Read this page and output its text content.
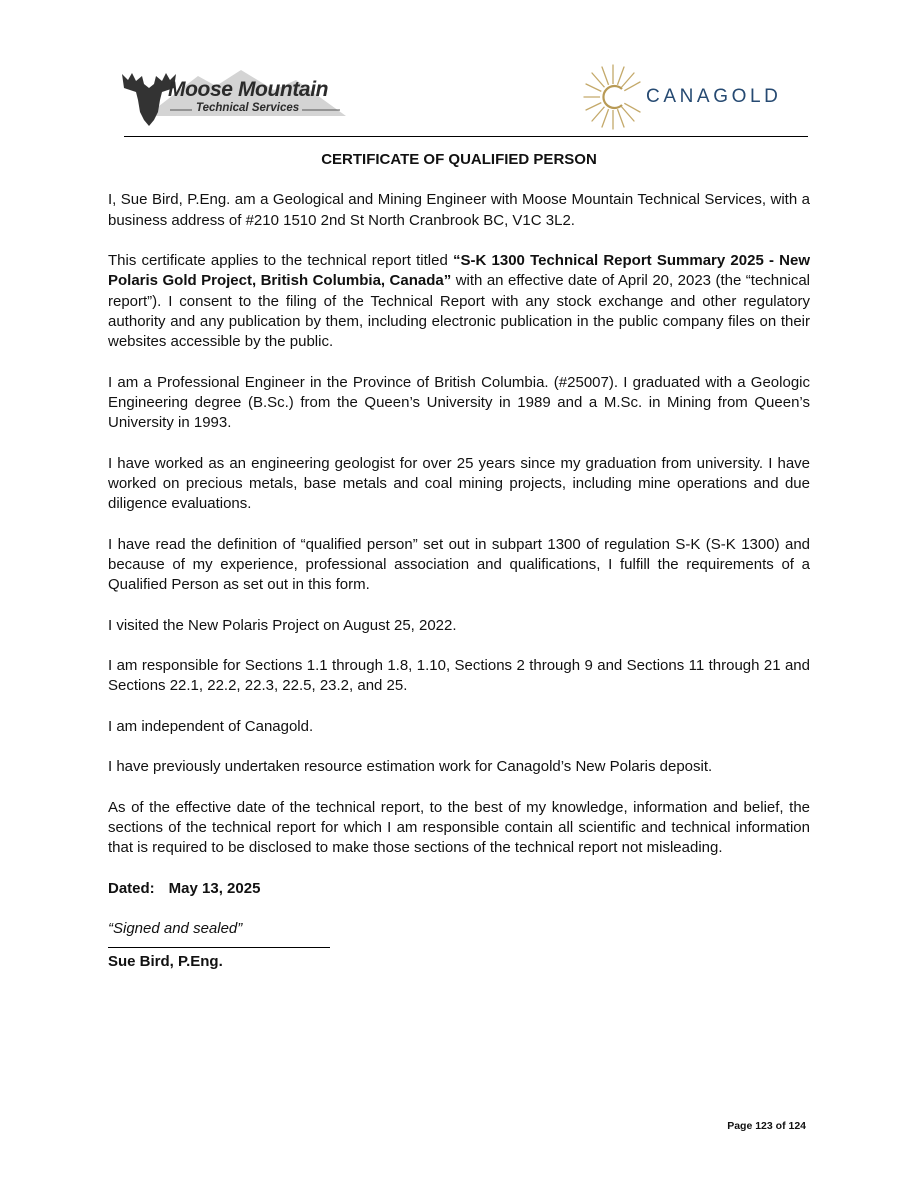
Moose Mountain
Technical Services
CANAGOLD

CERTIFICATE OF QUALIFIED PERSON

I, Sue Bird, P.Eng. am a Geological and Mining Engineer with Moose Mountain Technical Services, with a business address of #210 1510 2nd St North Cranbrook BC, V1C 3L2.

This certificate applies to the technical report titled “S-K 1300 Technical Report Summary 2025 - New Polaris Gold Project, British Columbia, Canada” with an effective date of April 20, 2023 (the “technical report”). I consent to the filing of the Technical Report with any stock exchange and other regulatory authority and any publication by them, including electronic publication in the public company files on their websites accessible by the public.

I am a Professional Engineer in the Province of British Columbia. (#25007). I graduated with a Geologic Engineering degree (B.Sc.) from the Queen’s University in 1989 and a M.Sc. in Mining from Queen’s University in 1993.

I have worked as an engineering geologist for over 25 years since my graduation from university. I have worked on precious metals, base metals and coal mining projects, including mine operations and due diligence evaluations.

I have read the definition of “qualified person” set out in subpart 1300 of regulation S-K (S-K 1300) and because of my experience, professional association and qualifications, I fulfill the requirements of a Qualified Person as set out in this form.

I visited the New Polaris Project on August 25, 2022.

I am responsible for Sections 1.1 through 1.8, 1.10, Sections 2 through 9 and Sections 11 through 21 and Sections 22.1, 22.2, 22.3, 22.5, 23.2, and 25.

I am independent of Canagold.

I have previously undertaken resource estimation work for Canagold’s New Polaris deposit.

As of the effective date of the technical report, to the best of my knowledge, information and belief, the sections of the technical report for which I am responsible contain all scientific and technical information that is required to be disclosed to make those sections of the technical report not misleading.

Dated: May 13, 2025
“Signed and sealed”
Sue Bird, P.Eng.
Page 123 of 124
